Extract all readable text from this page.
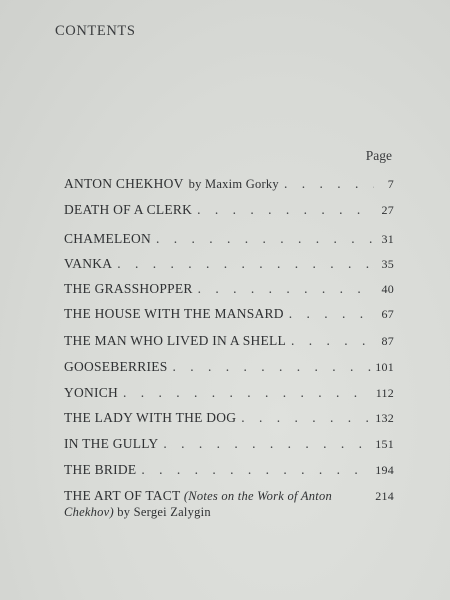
CONTENTS
Page
ANTON CHEKHOV by Maxim Gorky . . .	7
DEATH OF A CLERK . . .	27
CHAMELEON . . .	31
VANKA . . .	35
THE GRASSHOPPER . . .	40
THE HOUSE WITH THE MANSARD . . .	67
THE MAN WHO LIVED IN A SHELL . . .	87
GOOSEBERRIES . . .	101
YONICH . . .	112
THE LADY WITH THE DOG . . .	132
IN THE GULLY . . .	151
THE BRIDE . . .	194
THE ART OF TACT (Notes on the Work of Anton	214
Chekhov) by Sergei Zalygin
